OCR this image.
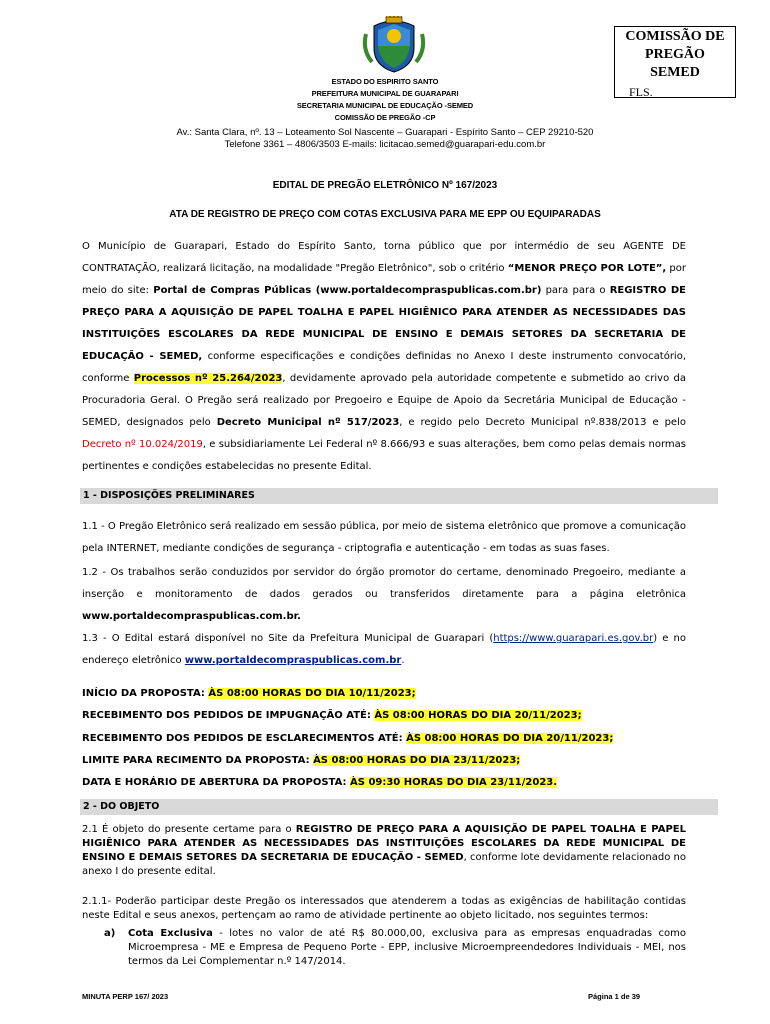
ESTADO DO ESPIRITO SANTO
PREFEITURA MUNICIPAL DE GUARAPARI
SECRETARIA MUNICIPAL DE EDUCAÇÃO -SEMED
COMISSÃO DE PREGÃO -CP
COMISSÃO DE
PREGÃO
SEMED
FLS. _______
Av.: Santa Clara, nº. 13 – Loteamento Sol Nascente – Guarapari - Espírito Santo – CEP 29210-520
Telefone 3361 – 4806/3503 E-mails: licitacao.semed@guarapari-edu.com.br
EDITAL DE PREGÃO ELETRÔNICO Nº 167/2023
ATA DE REGISTRO DE PREÇO COM COTAS EXCLUSIVA PARA ME EPP OU EQUIPARADAS
O Município de Guarapari, Estado do Espírito Santo, torna público que por intermédio de seu AGENTE DE CONTRATAÇÃO, realizará licitação, na modalidade "Pregão Eletrônico", sob o critério “MENOR PREÇO POR LOTE”, por meio do site: Portal de Compras Públicas (www.portaldecompraspublicas.com.br) para para o REGISTRO DE PREÇO PARA A AQUISIÇÃO DE PAPEL TOALHA E PAPEL HIGIÊNICO PARA ATENDER AS NECESSIDADES DAS INSTITUIÇÕES ESCOLARES DA REDE MUNICIPAL DE ENSINO E DEMAIS SETORES DA SECRETARIA DE EDUCAÇÃO - SEMED, conforme especificações e condições definidas no Anexo I deste instrumento convocatório, conforme Processos nº 25.264/2023, devidamente aprovado pela autoridade competente e submetido ao crivo da Procuradoria Geral. O Pregão será realizado por Pregoeiro e Equipe de Apoio da Secretária Municipal de Educação - SEMED, designados pelo Decreto Municipal nº 517/2023, e regido pelo Decreto Municipal nº.838/2013 e pelo Decreto nº 10.024/2019, e subsidiariamente Lei Federal nº 8.666/93 e suas alterações, bem como pelas demais normas pertinentes e condições estabelecidas no presente Edital.
1 - DISPOSIÇÕES PRELIMINARES
1.1 - O Pregão Eletrônico será realizado em sessão pública, por meio de sistema eletrônico que promove a comunicação pela INTERNET, mediante condições de segurança - criptografia e autenticação - em todas as suas fases.
1.2 - Os trabalhos serão conduzidos por servidor do órgão promotor do certame, denominado Pregoeiro, mediante a inserção e monitoramento de dados gerados ou transferidos diretamente para a página eletrônica www.portaldecompraspublicas.com.br.
1.3 - O Edital estará disponível no Site da Prefeitura Municipal de Guarapari (https://www.guarapari.es.gov.br) e no endereço eletrônico www.portaldecompraspublicas.com.br.
INÍCIO DA PROPOSTA: ÀS 08:00 HORAS DO DIA 10/11/2023;
RECEBIMENTO DOS PEDIDOS DE IMPUGNAÇÃO ATÉ: ÀS 08:00 HORAS DO DIA 20/11/2023;
RECEBIMENTO DOS PEDIDOS DE ESCLARECIMENTOS ATÉ: ÀS 08:00 HORAS DO DIA 20/11/2023;
LIMITE PARA RECIMENTO DA PROPOSTA: ÀS 08:00 HORAS DO DIA 23/11/2023;
DATA E HORÁRIO DE ABERTURA DA PROPOSTA: ÀS 09:30 HORAS DO DIA 23/11/2023.
2 - DO OBJETO
2.1 É objeto do presente certame para o REGISTRO DE PREÇO PARA A AQUISIÇÃO DE PAPEL TOALHA E PAPEL HIGIÊNICO PARA ATENDER AS NECESSIDADES DAS INSTITUIÇÕES ESCOLARES DA REDE MUNICIPAL DE ENSINO E DEMAIS SETORES DA SECRETARIA DE EDUCAÇÃO - SEMED, conforme lote devidamente relacionado no anexo I do presente edital.
2.1.1- Poderão participar deste Pregão os interessados que atenderem a todas as exigências de habilitação contidas neste Edital e seus anexos, pertençam ao ramo de atividade pertinente ao objeto licitado, nos seguintes termos:
a) Cota Exclusiva - lotes no valor de até R$ 80.000,00, exclusiva para as empresas enquadradas como Microempresa - ME e Empresa de Pequeno Porte - EPP, inclusive Microempreendedores Individuais - MEI, nos termos da Lei Complementar n.º 147/2014.
MINUTA PERP 167/ 2023	Página 1 de 39
